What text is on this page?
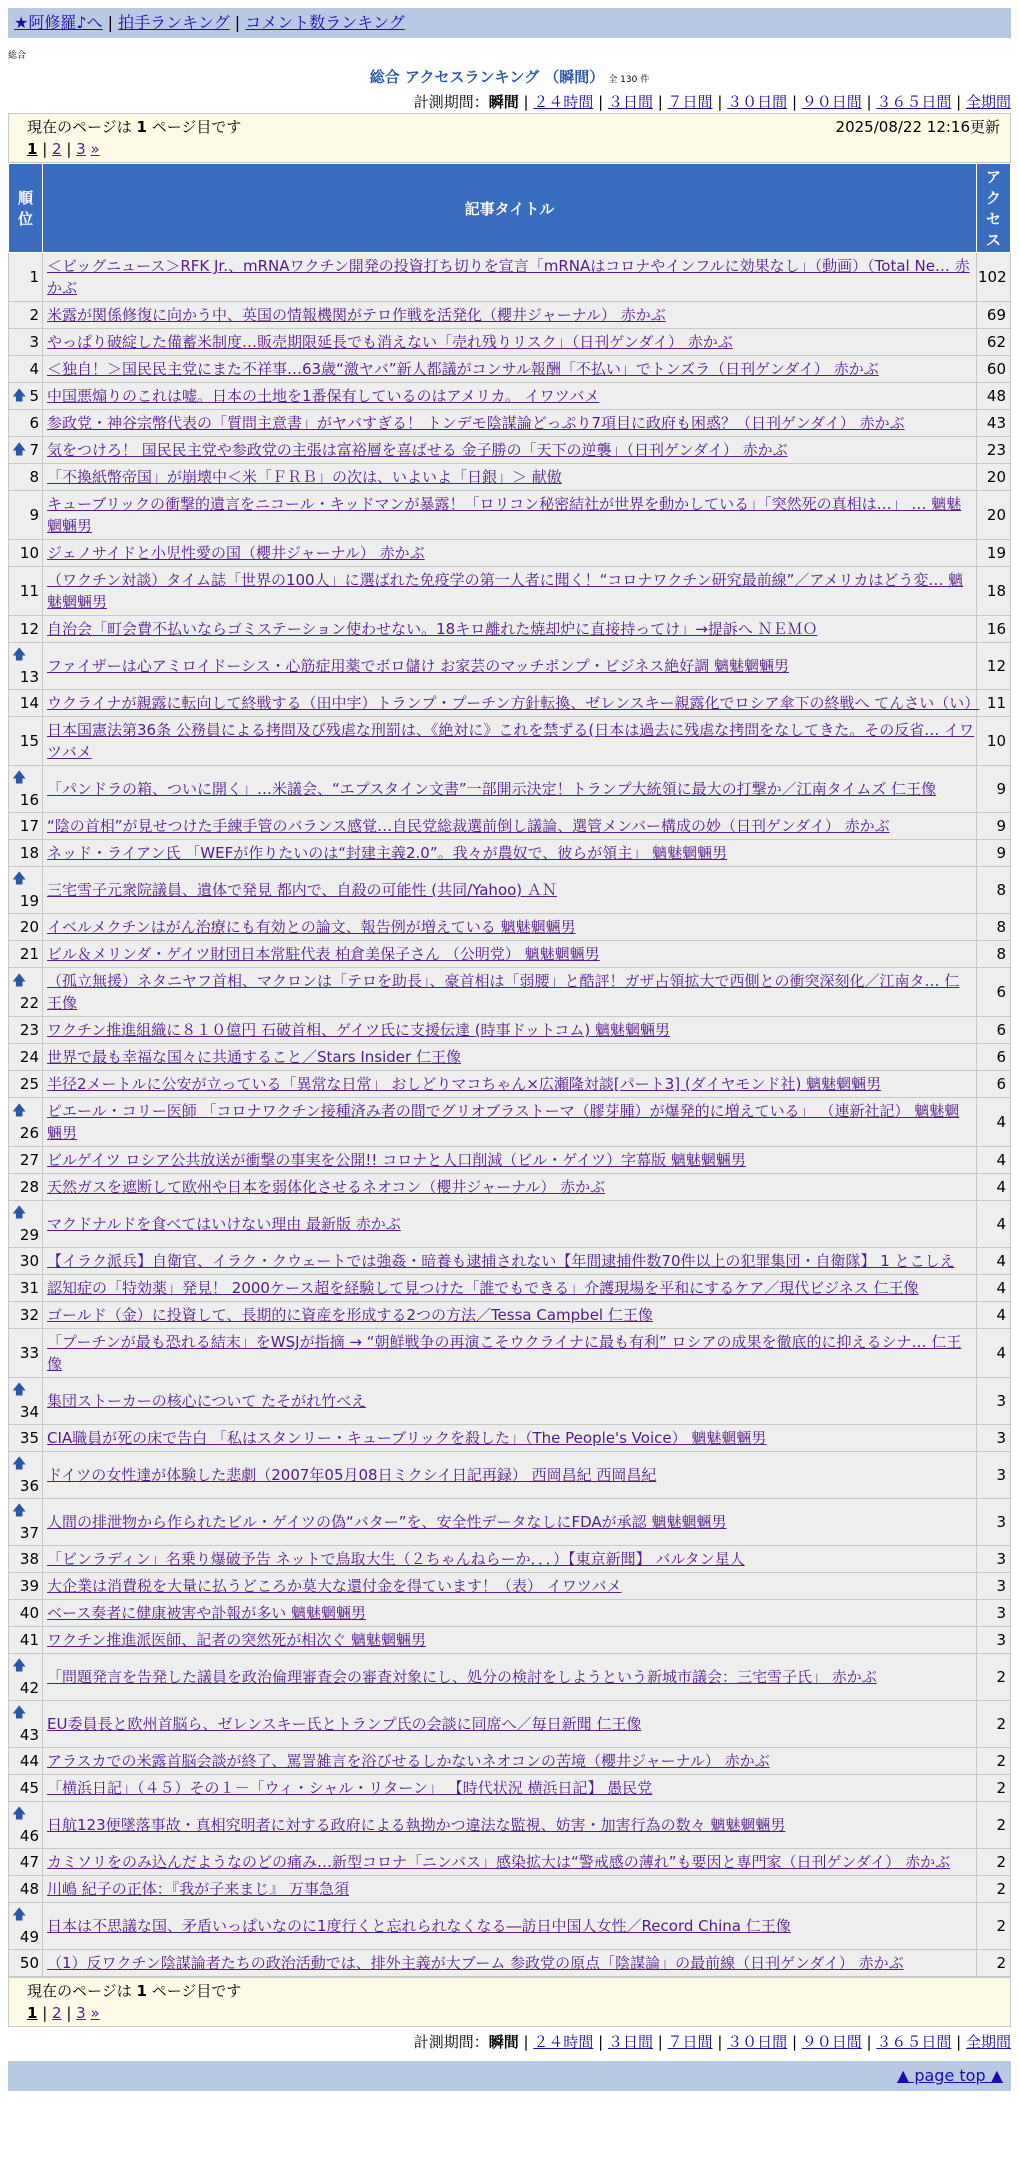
★阿修羅♪へ | 拍手ランキング | コメント数ランキング
総合
総合 アクセスランキング （瞬間） 全 130 件
計測期間：瞬間 | ２４時間 | ３日間 | ７日間 | ３０日間 | ９０日間 | ３６５日間 | 全期間
現在のページは 1 ページ目です	2025/08/22 12:16更新
1 | 2 | 3 »
順位	記事タイトル	アクセス
1	＜ビッグニュース＞RFK Jr.、mRNAワクチン開発の投資打ち切りを宣言「mRNAはコロナやインフルに効果なし」（動画）（Total Ne… 赤かぶ	102
2	米露が関係修復に向かう中、英国の情報機関がテロ作戦を活発化（櫻井ジャーナル） 赤かぶ	69
3	やっぱり破綻した備蓄米制度…販売期限延長でも消えない「売れ残りリスク」（日刊ゲンダイ） 赤かぶ	62
4	＜独自！＞国民民主党にまた不祥事…63歳“激ヤバ”新人都議がコンサル報酬「不払い」でトンズラ（日刊ゲンダイ） 赤かぶ	60

🡅 5	中国悪煽りのこれは嘘。日本の土地を1番保有しているのはアメリカ。 イワツバメ	48
6	参政党・神谷宗幣代表の「質問主意書」がヤバすぎる！ トンデモ陰謀論どっぷり7項目に政府も困惑？（日刊ゲンダイ） 赤かぶ	43

🡅 7	気をつけろ！ 国民民主党や参政党の主張は富裕層を喜ばせる 金子勝の「天下の逆襲」（日刊ゲンダイ） 赤かぶ	23
8	「不換紙幣帝国」が崩壊中＜米「ＦＲＢ」の次は、いよいよ「日銀」＞ 献傲	20
9	キューブリックの衝撃的遺言をニコール・キッドマンが暴露！「ロリコン秘密結社が世界を動かしている」「突然死の真相は…」 … 魑魅魍魎男	20
10	ジェノサイドと小児性愛の国（櫻井ジャーナル） 赤かぶ	19
11	（ワクチン対談）タイム誌「世界の100人」に選ばれた免疫学の第一人者に聞く！“コロナワクチン研究最前線”／アメリカはどう変… 魑魅魍魎男	18
12	自治会「町会費不払いならゴミステーション使わせない。18キロ離れた焼却炉に直接持ってけ」→提訴へ ＮＥＭＯ	16

🡅
13	ファイザーは心アミロイドーシス・心筋症用薬でボロ儲け お家芸のマッチポンプ・ビジネス絶好調 魑魅魍魎男	12
14	ウクライナが親露に転向して終戦する（田中宇）トランプ・プーチン方針転換、ゼレンスキー親露化でロシア傘下の終戦へ てんさい（い）	11
15	日本国憲法第36条 公務員による拷問及び残虐な刑罰は、《絶対に》これを禁ずる(日本は過去に残虐な拷問をなしてきた。その反省… イワツバメ	10

🡅
16	「パンドラの箱、ついに開く」…米議会、“エプスタイン文書”一部開示決定！トランプ大統領に最大の打撃か／江南タイムズ 仁王像	9
17	“陰の首相”が見せつけた手練手管のバランス感覚…自民党総裁選前倒し議論、選管メンバー構成の妙（日刊ゲンダイ） 赤かぶ	9
18	ネッド・ライアン氏 「WEFが作りたいのは“封建主義2.0”。我々が農奴で、彼らが領主」 魑魅魍魎男	9

🡅
19	三宅雪子元衆院議員、遺体で発見 都内で、自殺の可能性 (共同/Yahoo) ＡＮ	8
20	イベルメクチンはがん治療にも有効との論文、報告例が増えている 魑魅魍魎男	8
21	ビル＆メリンダ・ゲイツ財団日本常駐代表 柏倉美保子さん （公明党） 魑魅魍魎男	8

🡅
22	（孤立無援）ネタニヤフ首相、マクロンは「テロを助長」、豪首相は「弱腰」と酷評！ガザ占領拡大で西側との衝突深刻化／江南タ… 仁王像	6
23	ワクチン推進組織に８１０億円 石破首相、ゲイツ氏に支援伝達 (時事ドットコム) 魑魅魍魎男	6
24	世界で最も幸福な国々に共通すること／Stars Insider 仁王像	6
25	半径2メートルに公安が立っている「異常な日常」 おしどりマコちゃん×広瀬隆対談[パート3] (ダイヤモンド社) 魑魅魍魎男	6

🡅
26	ピエール・コリー医師 「コロナワクチン接種済み者の間でグリオブラストーマ（膠芽腫）が爆発的に増えている」 （連新社記） 魑魅魍魎男	4
27	ビルゲイツ ロシア公共放送が衝撃の事実を公開!! コロナと人口削減（ビル・ゲイツ）字幕版 魑魅魍魎男	4
28	天然ガスを遮断して欧州や日本を弱体化させるネオコン（櫻井ジャーナル） 赤かぶ	4

🡅
29	マクドナルドを食べてはいけない理由 最新版 赤かぶ	4
30	【イラク派兵】自衛官、イラク・クウェートでは強姦・暗養も逮捕されない【年間逮捕件数70件以上の犯罪集団・自衛隊】 1 とこしえ	4
31	認知症の「特効薬」発見！ 2000ケース超を経験して見つけた「誰でもできる」介護現場を平和にするケア／現代ビジネス 仁王像	4
32	ゴールド（金）に投資して、長期的に資産を形成する2つの方法／Tessa Campbel 仁王像	4
33	「プーチンが最も恐れる結末」をWSJが指摘 → “朝鮮戦争の再演こそウクライナに最も有利” ロシアの成果を徹底的に抑えるシナ… 仁王像	4

🡅
34	集団ストーカーの核心について たそがれ竹べえ	3
35	CIA職員が死の床で告白 「私はスタンリー・キューブリックを殺した」（The People's Voice） 魑魅魍魎男	3

🡅
36	ドイツの女性達が体験した悲劇（2007年05月08日ミクシイ日記再録） 西岡昌紀 西岡昌紀	3

🡅
37	人間の排泄物から作られたビル・ゲイツの偽“バター”を、安全性データなしにFDAが承認 魑魅魍魎男	3
38	「ビンラディン」名乗り爆破予告 ネットで鳥取大生（２ちゃんねらーか．．．）【東京新聞】 バルタン星人	3
39	大企業は消費税を大量に払うどころか莫大な還付金を得ています！（表） イワツバメ	3
40	ベース奏者に健康被害や訃報が多い 魑魅魍魎男	3
41	ワクチン推進派医師、記者の突然死が相次ぐ 魑魅魍魎男	3

🡅
42	「問題発言を告発した議員を政治倫理審査会の審査対象にし、処分の検討をしようという新城市議会：三宅雪子氏」 赤かぶ	2

🡅
43	EU委員長と欧州首脳ら、ゼレンスキー氏とトランプ氏の会談に同席へ／毎日新聞 仁王像	2
44	アラスカでの米露首脳会談が終了、罵詈雑言を浴びせるしかないネオコンの苦境（櫻井ジャーナル） 赤かぶ	2
45	「横浜日記」（４５）その１－「ウィ・シャル・リターン」 【時代状況 横浜日記】 愚民党	2

🡅
46	日航123便墜落事故・真相究明者に対する政府による執拗かつ違法な監視、妨害・加害行為の数々 魑魅魍魎男	2
47	カミソリをのみ込んだようなのどの痛み…新型コロナ「ニンバス」感染拡大は“警戒感の薄れ”も要因と専門家（日刊ゲンダイ） 赤かぶ	2
48	川嶋 紀子の正体：『我が子来まじ』 万事急須	2

🡅
49	日本は不思議な国、矛盾いっぱいなのに1度行くと忘れられなくなる―訪日中国人女性／Record China 仁王像	2
50	（1）反ワクチン陰謀論者たちの政治活動では、排外主義が大ブーム 参政党の原点「陰謀論」の最前線（日刊ゲンダイ） 赤かぶ	2
現在のページは 1 ページ目です
1 | 2 | 3 »
計測期間：瞬間 | ２４時間 | ３日間 | ７日間 | ３０日間 | ９０日間 | ３６５日間 | 全期間
▲ page top ▲
